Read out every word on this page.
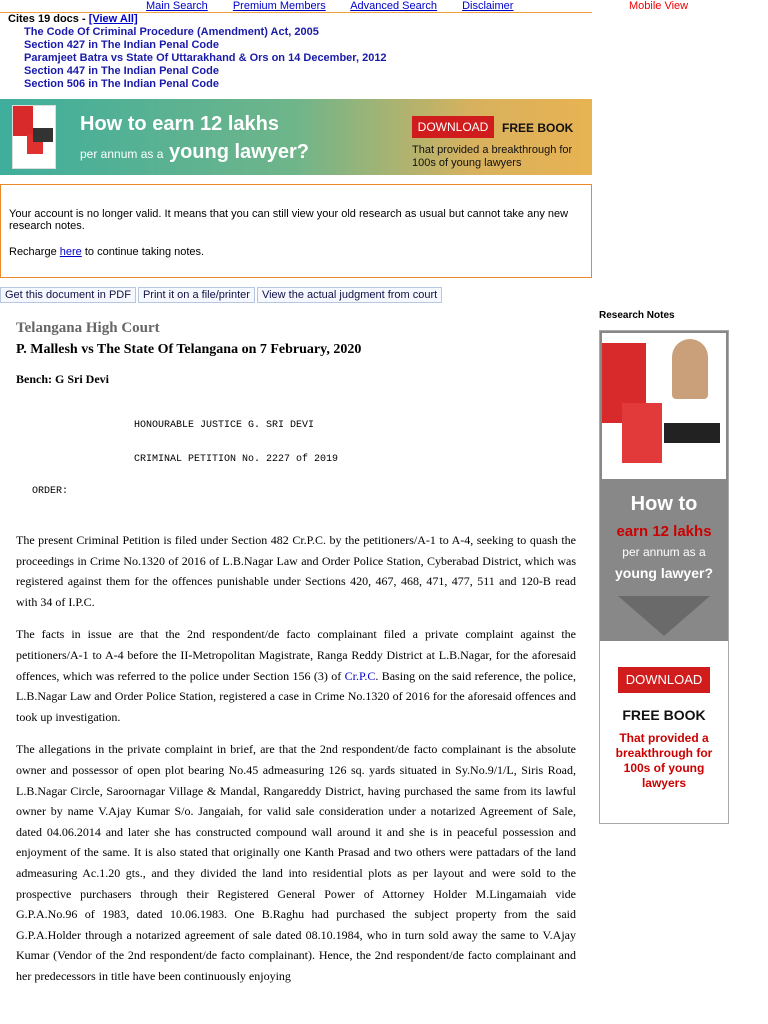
Main Search Premium Members Advanced Search Disclaimer	Mobile View
Cites 19 docs - [View All]
The Code Of Criminal Procedure (Amendment) Act, 2005
Section 427 in The Indian Penal Code
Paramjeet Batra vs State Of Uttarakhand & Ors on 14 December, 2012
Section 447 in The Indian Penal Code
Section 506 in The Indian Penal Code
How to earn 12 lakhs
per annum as a young lawyer?
DOWNLOAD	FREE BOOK
That provided a breakthrough for
100s of young lawyers

Your account is no longer valid. It means that you can still view your old research as usual but cannot take any new research notes.

Recharge here to continue taking notes.

Get this document in PDF Print it on a file/printer View the actual judgment from court
Telangana High Court
P. Mallesh vs The State Of Telangana on 7 February, 2020
Bench: G Sri Devi
HONOURABLE JUSTICE G. SRI DEVI
CRIMINAL PETITION No. 2227 of 2019
ORDER:

The present Criminal Petition is filed under Section 482 Cr.P.C. by the petitioners/A-1 to A-4, seeking to quash the proceedings in Crime No.1320 of 2016 of L.B.Nagar Law and Order Police Station, Cyberabad District, which was registered against them for the offences punishable under Sections 420, 467, 468, 471, 477, 511 and 120-B read with 34 of I.P.C.

The facts in issue are that the 2nd respondent/de facto complainant filed a private complaint against the petitioners/A-1 to A-4 before the II-Metropolitan Magistrate, Ranga Reddy District at L.B.Nagar, for the aforesaid offences, which was referred to the police under Section 156 (3) of Cr.P.C. Basing on the said reference, the police, L.B.Nagar Law and Order Police Station, registered a case in Crime No.1320 of 2016 for the aforesaid offences and took up investigation.

The allegations in the private complaint in brief, are that the 2nd respondent/de facto complainant is the absolute owner and possessor of open plot bearing No.45 admeasuring 126 sq. yards situated in Sy.No.9/1/L, Siris Road, L.B.Nagar Circle, Saroornagar Village & Mandal, Rangareddy District, having purchased the same from its lawful owner by name V.Ajay Kumar S/o. Jangaiah, for valid sale consideration under a notarized Agreement of Sale, dated 04.06.2014 and later she has constructed compound wall around it and she is in peaceful possession and enjoyment of the same. It is also stated that originally one Kanth Prasad and two others were pattadars of the land admeasuring Ac.1.20 gts., and they divided the land into residential plots as per layout and were sold to the prospective purchasers through their Registered General Power of Attorney Holder M.Lingamaiah vide G.P.A.No.96 of 1983, dated 10.06.1983. One B.Raghu had purchased the subject property from the said G.P.A.Holder through a notarized agreement of sale dated 08.10.1984, who in turn sold away the same to V.Ajay Kumar (Vendor of the 2nd respondent/de facto complainant). Hence, the 2nd respondent/de facto complainant and her predecessors in title have been continuously enjoying

Research Notes
How to
earn 12 lakhs
per annum as a
young lawyer?
DOWNLOAD
FREE BOOK
That provided a breakthrough for 100s of young lawyers
